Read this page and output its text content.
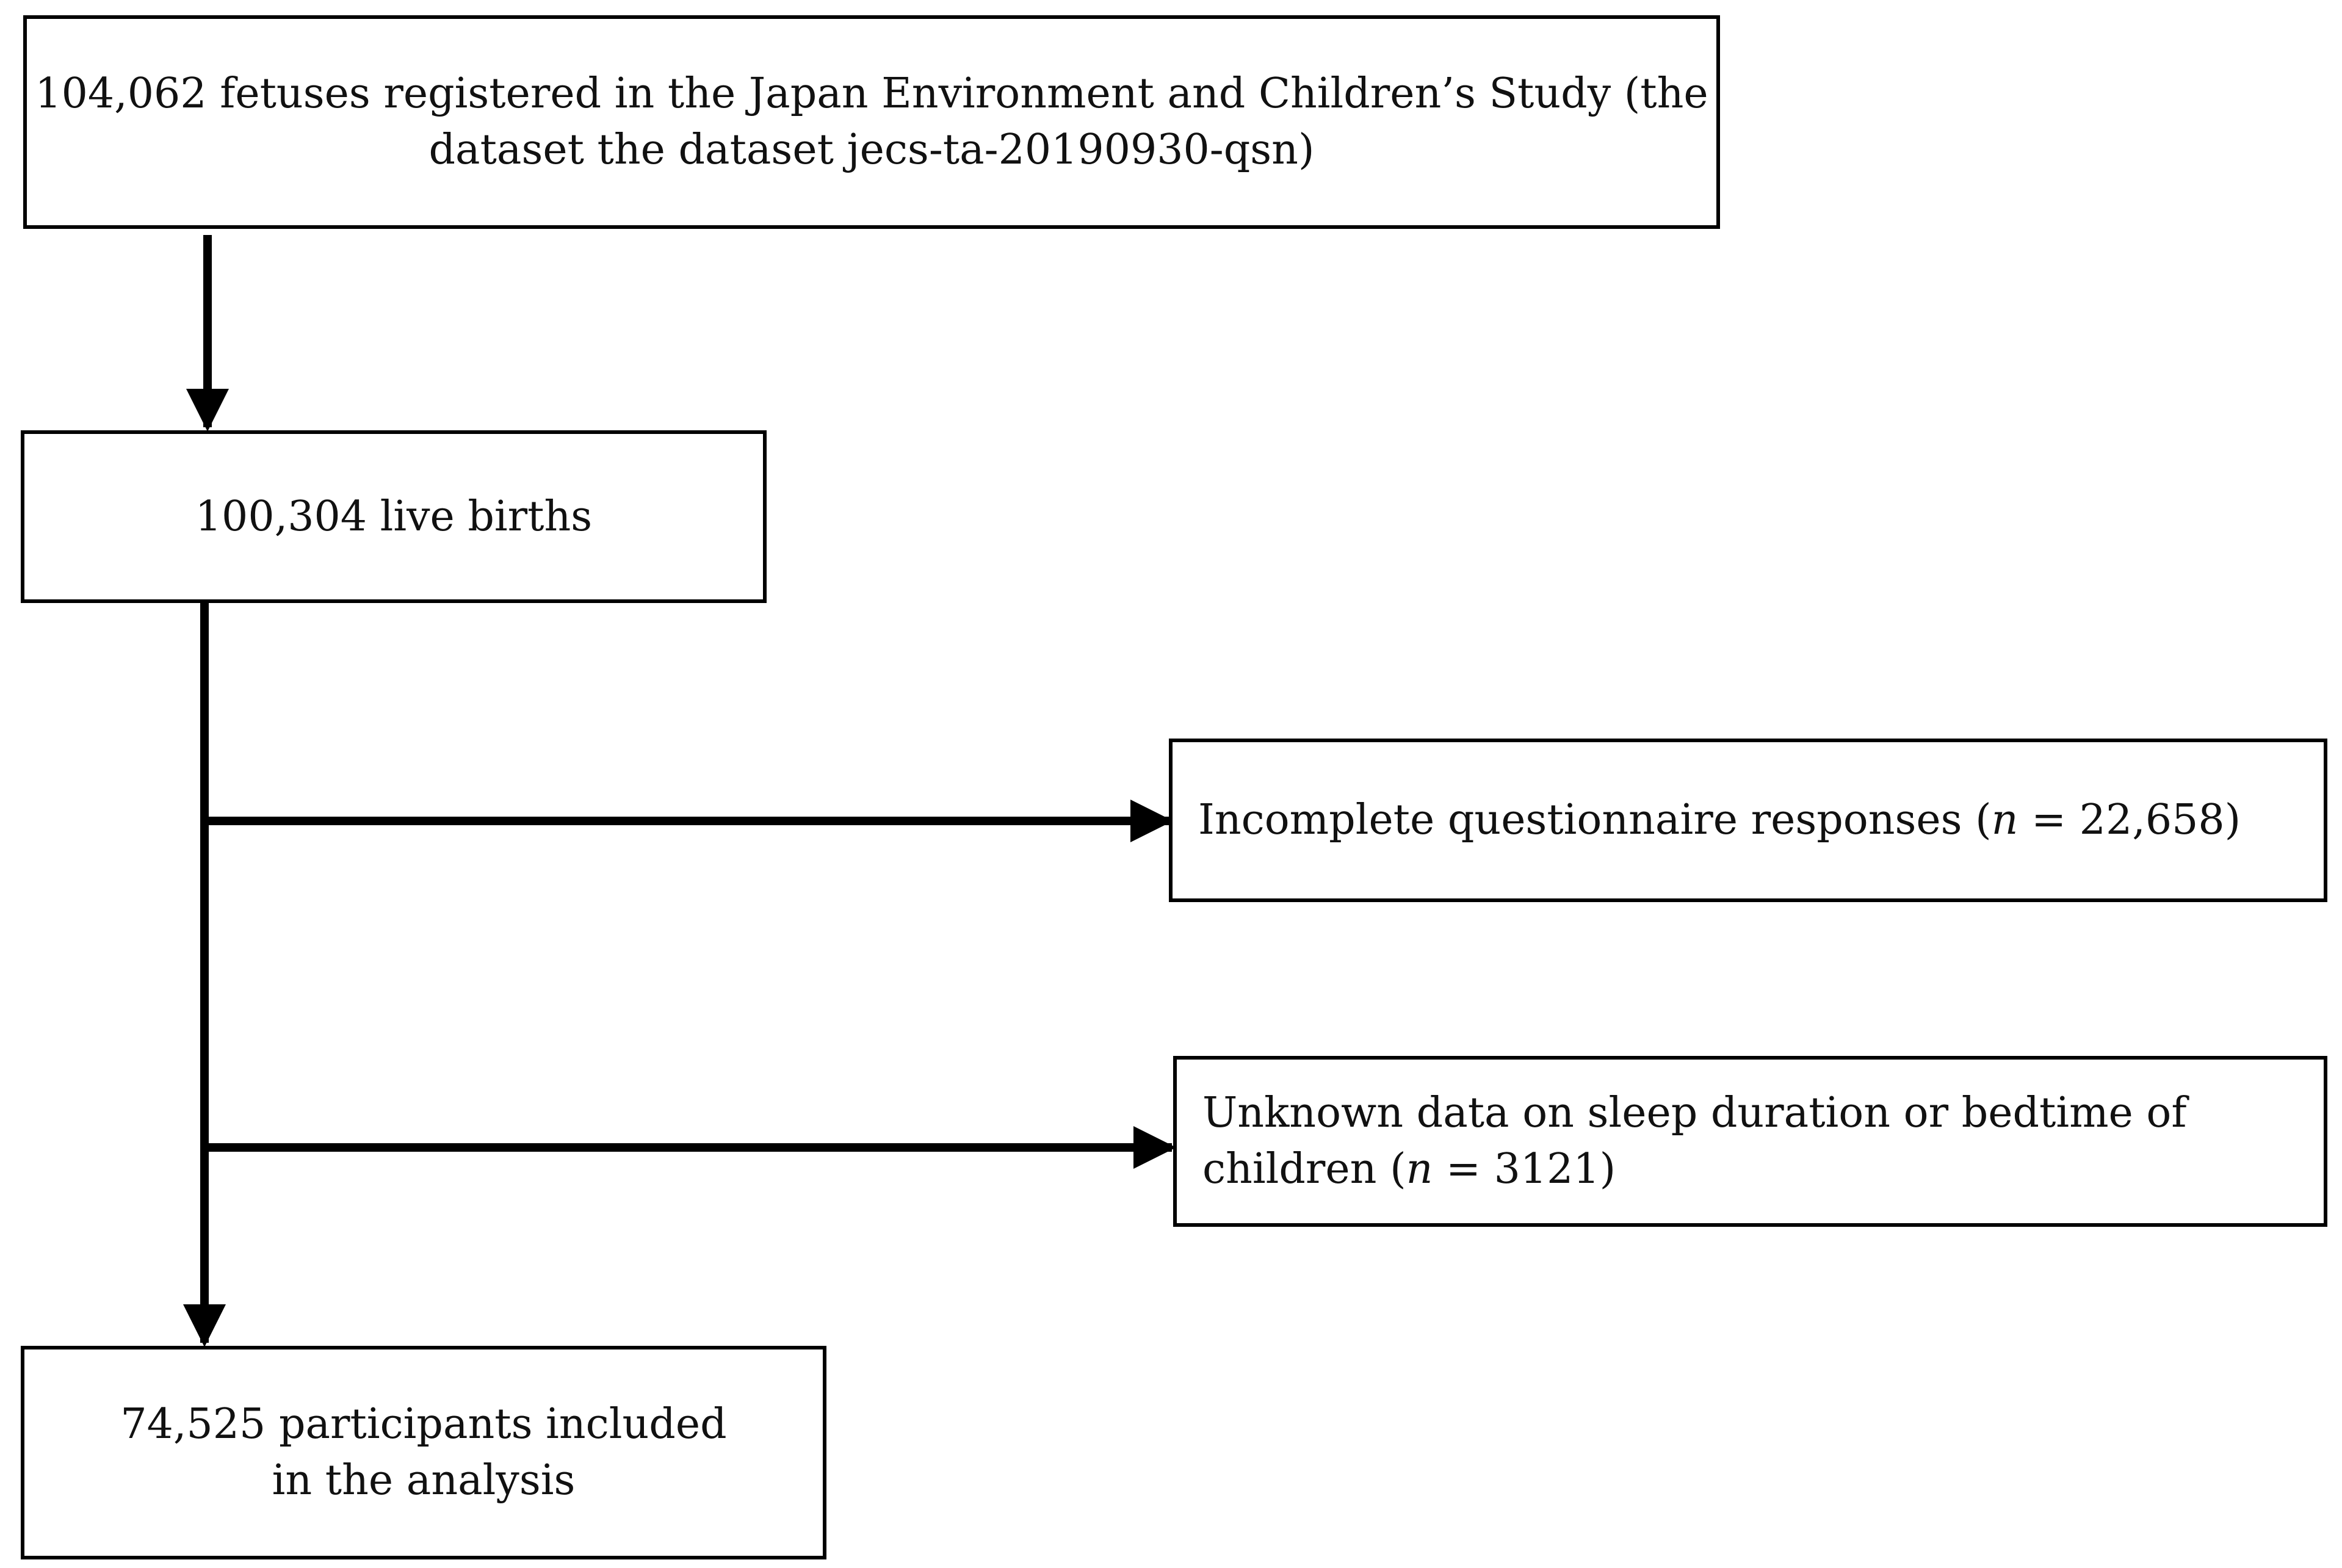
104,062 fetuses registered in the Japan Environment and Children’s Study (the
dataset the dataset jecs-ta-20190930-qsn)
100,304 live births
Incomplete questionnaire responses (n = 22,658)
Unknown data on sleep duration or bedtime of
children (n = 3121)
74,525 participants included
in the analysis
